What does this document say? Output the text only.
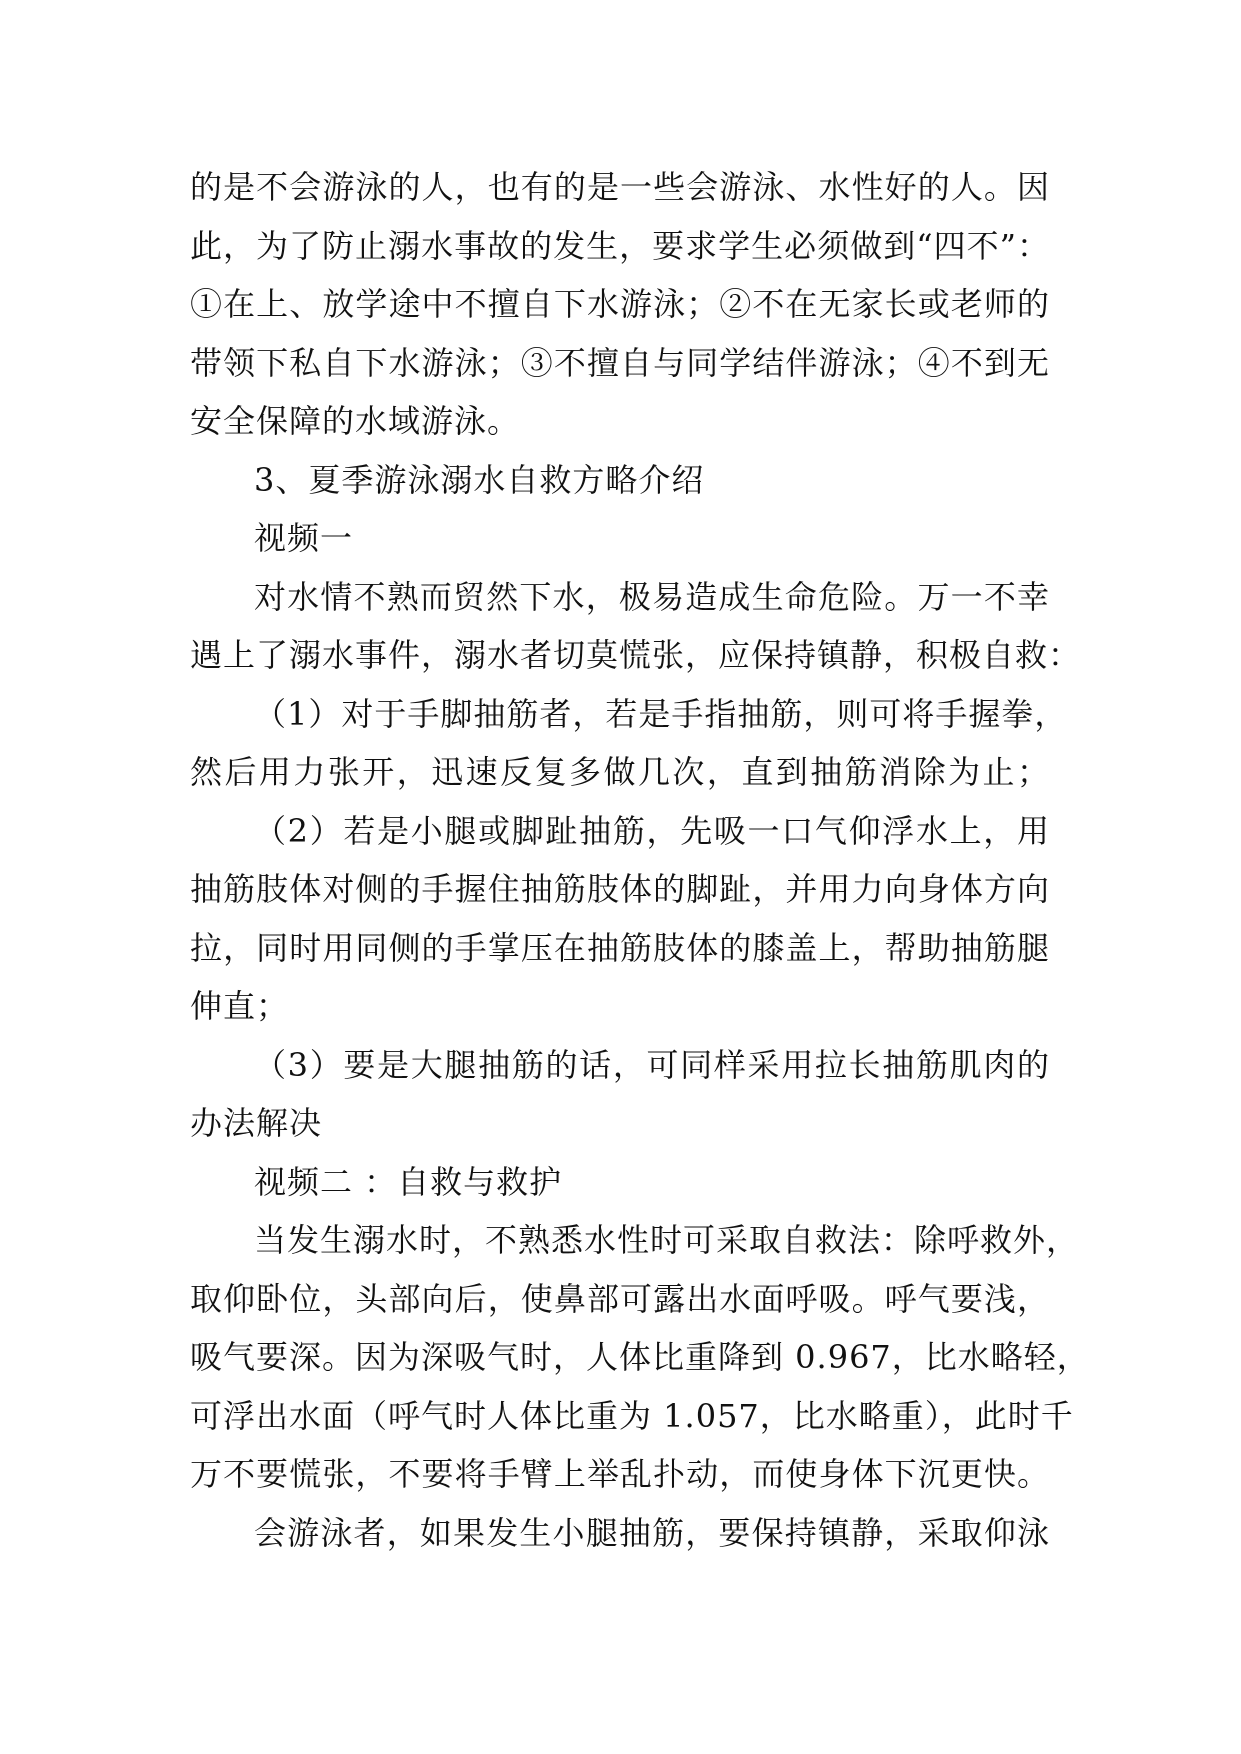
的是不会游泳的人，也有的是一些会游泳、水性好的人。因
此，为了防止溺水事故的发生，要求学生必须做到“四不”：
①在上、放学途中不擅自下水游泳；②不在无家长或老师的
带领下私自下水游泳；③不擅自与同学结伴游泳；④不到无
安全保障的水域游泳。
3、夏季游泳溺水自救方略介绍
视频一
对水情不熟而贸然下水，极易造成生命危险。万一不幸
遇上了溺水事件，溺水者切莫慌张，应保持镇静，积极自救：
（1）对于手脚抽筋者，若是手指抽筋，则可将手握拳，
然后用力张开，迅速反复多做几次，直到抽筋消除为止；
（2）若是小腿或脚趾抽筋，先吸一口气仰浮水上，用
抽筋肢体对侧的手握住抽筋肢体的脚趾，并用力向身体方向
拉，同时用同侧的手掌压在抽筋肢体的膝盖上，帮助抽筋腿
伸直；
（3）要是大腿抽筋的话，可同样采用拉长抽筋肌肉的
办法解决
视频二 ：自救与救护
当发生溺水时，不熟悉水性时可采取自救法：除呼救外，
取仰卧位，头部向后，使鼻部可露出水面呼吸。呼气要浅，
吸气要深。因为深吸气时，人体比重降到 0.967，比水略轻，
可浮出水面（呼气时人体比重为 1.057，比水略重），此时千
万不要慌张，不要将手臂上举乱扑动，而使身体下沉更快。
会游泳者，如果发生小腿抽筋，要保持镇静，采取仰泳
